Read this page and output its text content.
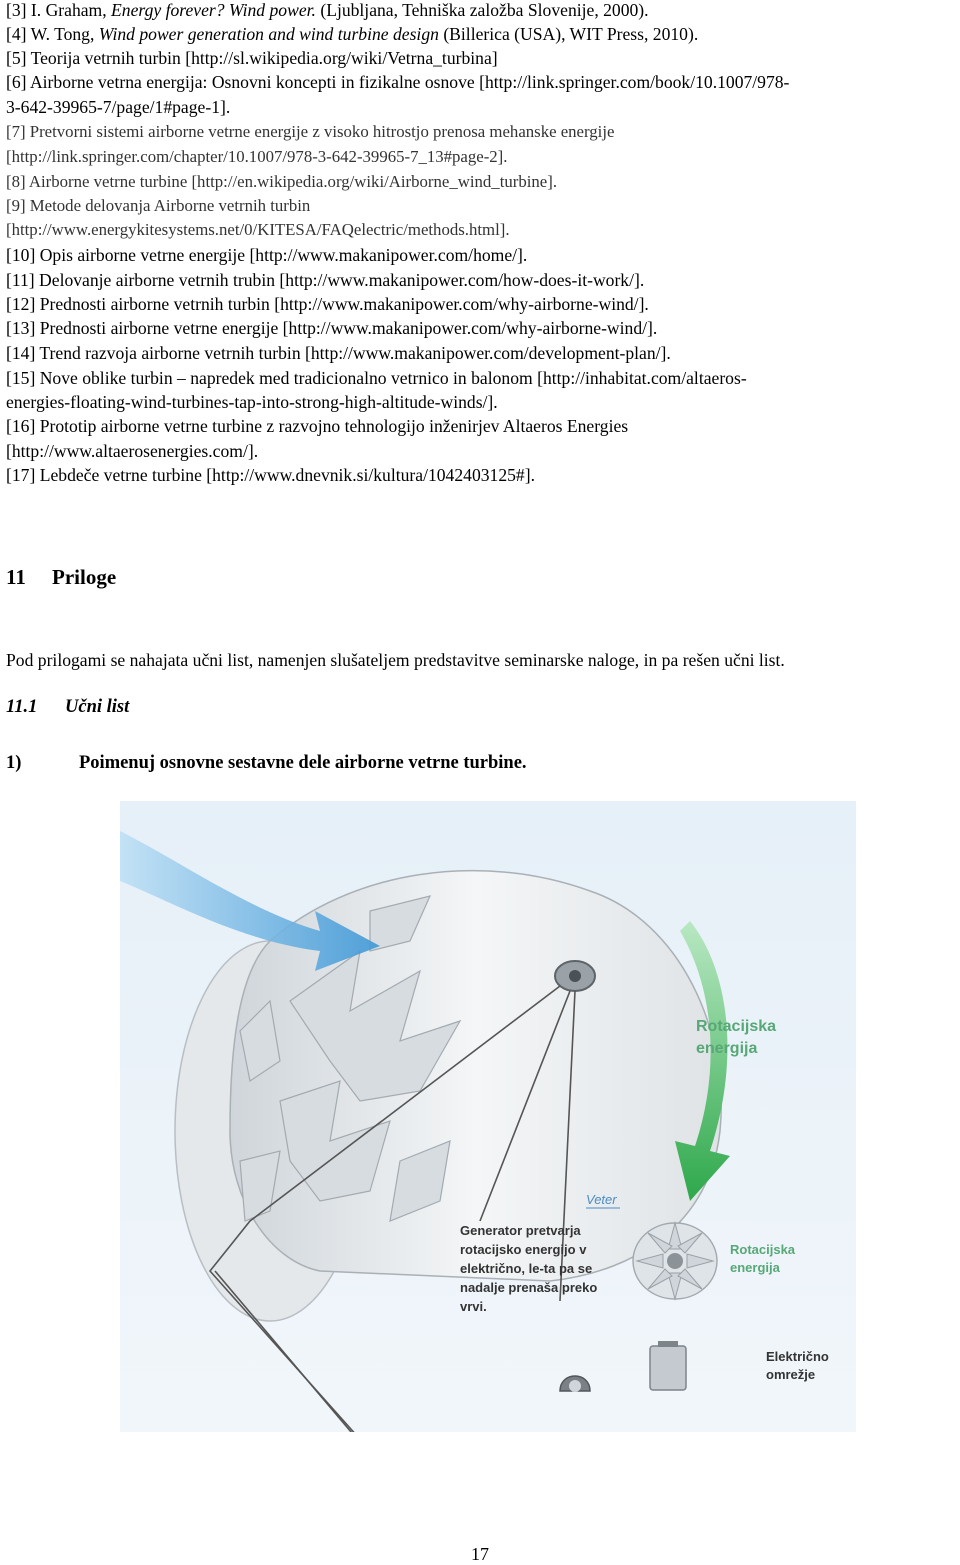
[3] I. Graham, Energy forever? Wind power. (Ljubljana, Tehniška založba Slovenije, 2000).
[4] W. Tong, Wind power generation and wind turbine design (Billerica (USA), WIT Press, 2010).
[5] Teorija vetrnih turbin [http://sl.wikipedia.org/wiki/Vetrna_turbina]
[6] Airborne vetrna energija: Osnovni koncepti in fizikalne osnove [http://link.springer.com/book/10.1007/978-
3-642-39965-7/page/1#page-1].
[7] Pretvorni sistemi airborne vetrne energije z visoko hitrostjo prenosa mehanske energije
[http://link.springer.com/chapter/10.1007/978-3-642-39965-7_13#page-2].
[8] Airborne vetrne turbine [http://en.wikipedia.org/wiki/Airborne_wind_turbine].
[9] Metode delovanja Airborne vetrnih turbin
[http://www.energykitesystems.net/0/KITESA/FAQelectric/methods.html].
[10] Opis airborne vetrne energije [http://www.makanipower.com/home/].
[11] Delovanje airborne vetrnih trubin [http://www.makanipower.com/how-does-it-work/].
[12] Prednosti airborne vetrnih turbin [http://www.makanipower.com/why-airborne-wind/].
[13] Prednosti airborne vetrne energije [http://www.makanipower.com/why-airborne-wind/].
[14] Trend razvoja airborne vetrnih turbin [http://www.makanipower.com/development-plan/].
[15] Nove oblike turbin – napredek med tradicionalno vetrnico in balonom [http://inhabitat.com/altaeros-
energies-floating-wind-turbines-tap-into-strong-high-altitude-winds/].
[16] Prototip airborne vetrne turbine z razvojno tehnologijo inženirjev Altaeros Energies
[http://www.altaerosenergies.com/].
[17] Lebdeče vetrne turbine [http://www.dnevnik.si/kultura/1042403125#].
11 Priloge
Pod prilogami se nahajata učni list, namenjen slušateljem predstavitve seminarske naloge, in pa rešen učni list.
11.1 Učni list
1)	Poimenuj osnovne sestavne dele airborne vetrne turbine.
Rotacijska
energija
Veter
Generator pretvarja
rotacijsko energijo v
električno, le-ta pa se
nadalje prenaša preko
vrvi.
Rotacijska
energija
Električno
omrežje
17
